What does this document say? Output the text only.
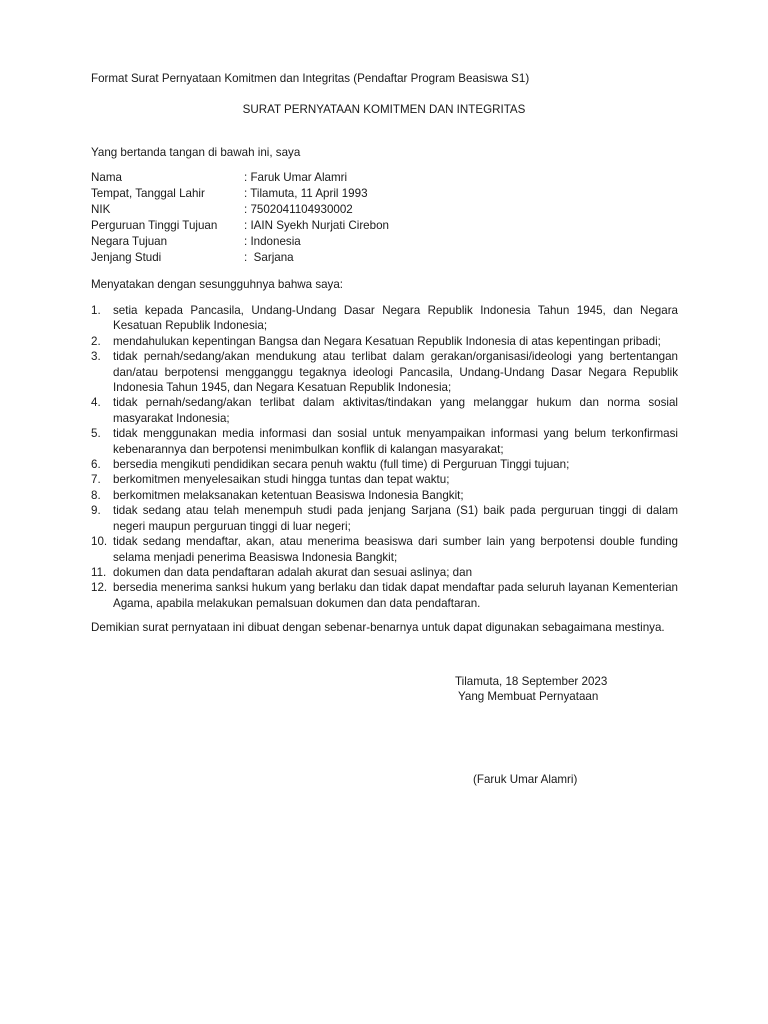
Format Surat Pernyataan Komitmen dan Integritas (Pendaftar Program Beasiswa S1)
SURAT PERNYATAAN KOMITMEN DAN INTEGRITAS
Yang bertanda tangan di bawah ini, saya
Nama	: Faruk Umar Alamri
Tempat, Tanggal Lahir	: Tilamuta, 11 April 1993
NIK	: 7502041104930002
Perguruan Tinggi Tujuan	: IAIN Syekh Nurjati Cirebon
Negara Tujuan	: Indonesia
Jenjang Studi	:  Sarjana
Menyatakan dengan sesungguhnya bahwa saya:
1.	setia kepada Pancasila, Undang-Undang Dasar Negara Republik Indonesia Tahun 1945, dan Negara Kesatuan Republik Indonesia;
2.	mendahulukan kepentingan Bangsa dan Negara Kesatuan Republik Indonesia di atas kepentingan pribadi;
3.	tidak pernah/sedang/akan mendukung atau terlibat dalam gerakan/organisasi/ideologi yang bertentangan dan/atau berpotensi mengganggu tegaknya ideologi Pancasila, Undang-Undang Dasar Negara Republik Indonesia Tahun 1945, dan Negara Kesatuan Republik Indonesia;
4.	tidak pernah/sedang/akan terlibat dalam aktivitas/tindakan yang melanggar hukum dan norma sosial masyarakat Indonesia;
5.	tidak menggunakan media informasi dan sosial untuk menyampaikan informasi yang belum terkonfirmasi kebenarannya dan berpotensi menimbulkan konflik di kalangan masyarakat;
6.	bersedia mengikuti pendidikan secara penuh waktu (full time) di Perguruan Tinggi tujuan;
7.	berkomitmen menyelesaikan studi hingga tuntas dan tepat waktu;
8.	berkomitmen melaksanakan ketentuan Beasiswa Indonesia Bangkit;
9.	tidak sedang atau telah menempuh studi pada jenjang Sarjana (S1) baik pada perguruan tinggi di dalam negeri maupun perguruan tinggi di luar negeri;
10. tidak sedang mendaftar, akan, atau menerima beasiswa dari sumber lain yang berpotensi double funding selama menjadi penerima Beasiswa Indonesia Bangkit;
11. dokumen dan data pendaftaran adalah akurat dan sesuai aslinya; dan
12. bersedia menerima sanksi hukum yang berlaku dan tidak dapat mendaftar pada seluruh layanan Kementerian Agama, apabila melakukan pemalsuan dokumen dan data pendaftaran.
Demikian surat pernyataan ini dibuat dengan sebenar-benarnya untuk dapat digunakan sebagaimana mestinya.
Tilamuta, 18 September 2023
Yang Membuat Pernyataan
(Faruk Umar Alamri)
